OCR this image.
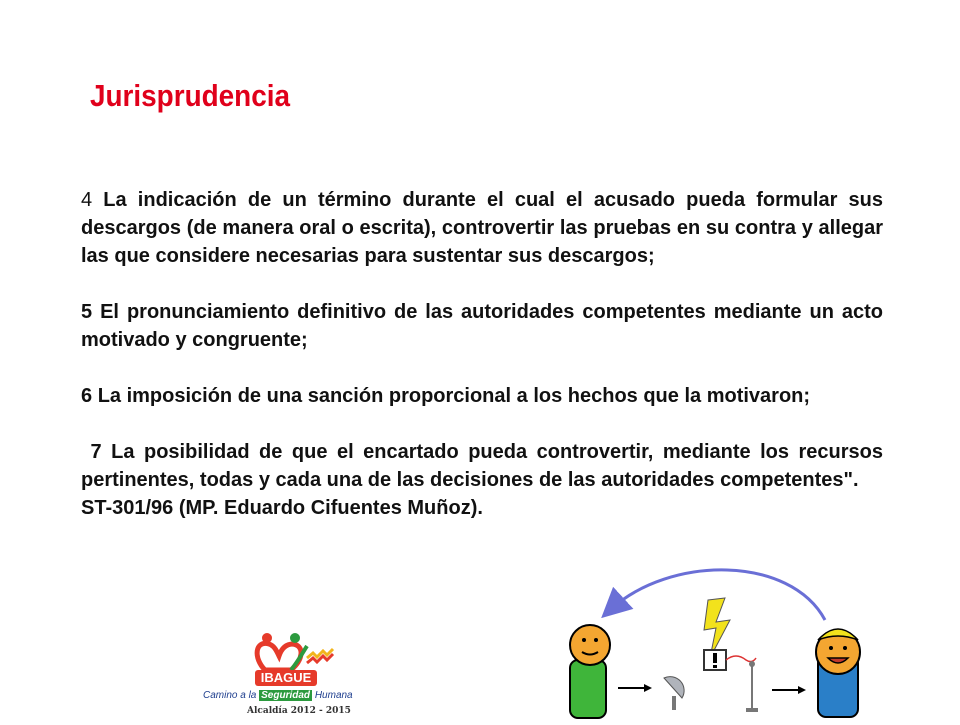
Jurisprudencia

4 La indicación de un término durante el cual el acusado pueda formular sus descargos (de manera oral o escrita), controvertir las pruebas en su contra y allegar las que considere necesarias para sustentar sus descargos;

5 El pronunciamiento definitivo de las autoridades competentes mediante un acto motivado y congruente;

6 La imposición de una sanción proporcional a los hechos que la motivaron;

7 La posibilidad de que el encartado pueda controvertir, mediante los recursos pertinentes, todas y cada una de las decisiones de las autoridades competentes".

ST-301/96 (MP. Eduardo Cifuentes Muñoz).

IBAGUE
Camino a la Seguridad Humana
Alcaldía 2012 - 2015
